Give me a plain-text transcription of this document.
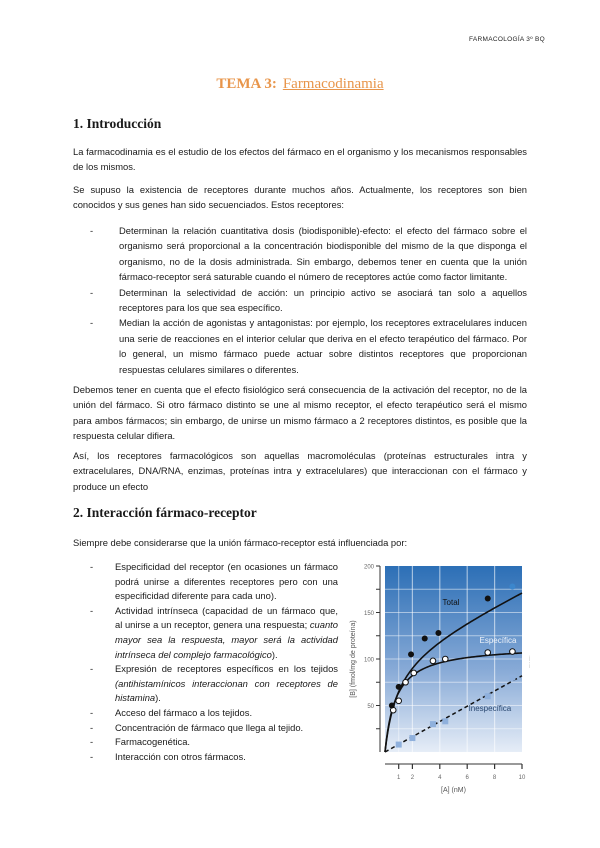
FARMACOLOGÍA 3º BQ
TEMA 3: Farmacodinamia
1. Introducción
La farmacodinamia es el estudio de los efectos del fármaco en el organismo y los mecanismos responsables de los mismos.
Se supuso la existencia de receptores durante muchos años. Actualmente, los receptores son bien conocidos y sus genes han sido secuenciados. Estos receptores:
-	Determinan la relación cuantitativa dosis (biodisponible)-efecto: el efecto del fármaco sobre el organismo será proporcional a la concentración biodisponible del mismo de la que disponga el organismo, no de la dosis administrada. Sin embargo, debemos tener en cuenta que la unión fármaco-receptor será saturable cuando el número de receptores actúe como factor limitante.
-	Determinan la selectividad de acción: un principio activo se asociará tan solo a aquellos receptores para los que sea específico.
-	Median la acción de agonistas y antagonistas: por ejemplo, los receptores extracelulares inducen una serie de reacciones en el interior celular que deriva en el efecto terapéutico del fármaco. Por lo general, un mismo fármaco puede actuar sobre distintos receptores que proporcionan respuestas celulares similares o diferentes.
Debemos tener en cuenta que el efecto fisiológico será consecuencia de la activación del receptor, no de la unión del fármaco. Si otro fármaco distinto se une al mismo receptor, el efecto terapéutico será el mismo para ambos fármacos; sin embargo, de unirse un mismo fármaco a 2 receptores distintos, es posible que la respuesta celular difiera.
Así, los receptores farmacológicos son aquellas macromoléculas (proteínas estructurales intra y extracelulares, DNA/RNA, enzimas, proteínas intra y extracelulares) que interaccionan con el fármaco y produce un efecto
2. Interacción fármaco-receptor
Siempre debe considerarse que la unión fármaco-receptor está influenciada por:
- Especificidad del receptor (en ocasiones un fármaco podrá unirse a diferentes receptores pero con una especificidad diferente para cada uno).
- Actividad intrínseca (capacidad de un fármaco que, al unirse a un receptor, genera una respuesta; cuanto mayor sea la respuesta, mayor será la actividad intrínseca del complejo farmacológico).
- Expresión de receptores específicos en los tejidos (antihistamínicos interaccionan con receptores de histamina).
- Acceso del fármaco a los tejidos.
- Concentración de fármaco que llega al tejido.
- Farmacogenética.
- Interacción con otros fármacos.
50
100
150
200
1 2	4	6	8	10
[A] (nM)
[B] (fmol/mg de proteína)
Total
Específica
Inespecífica
····· ·····
